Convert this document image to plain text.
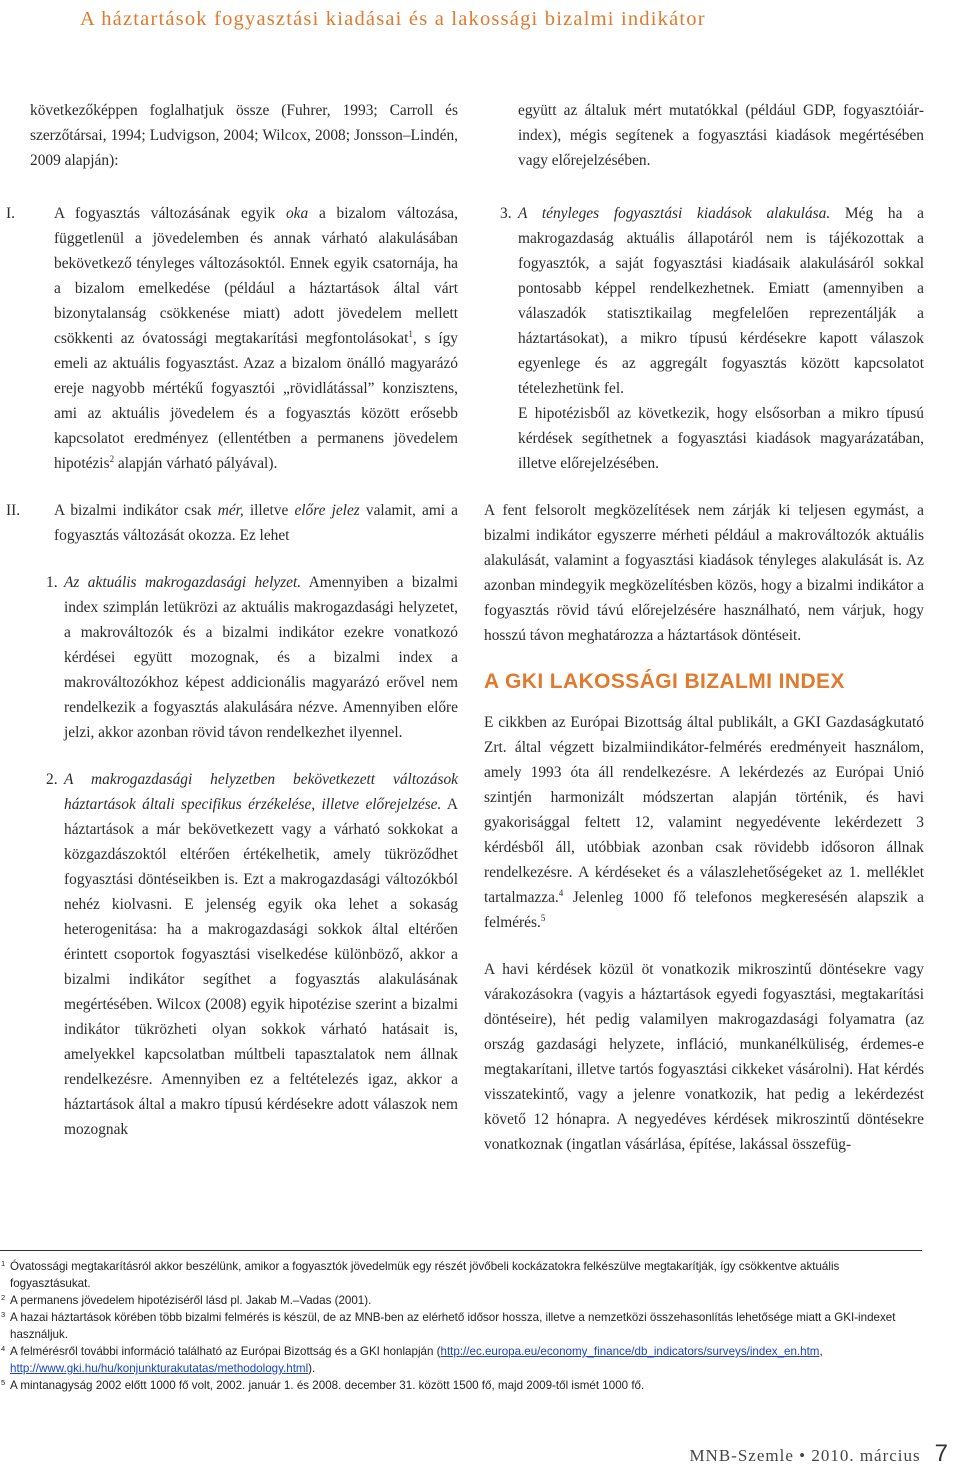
A háztartások fogyasztási kiadásai és a lakossági bizalmi indikátor

következőképpen foglalhatjuk össze (Fuhrer, 1993; Carroll és szerzőtársai, 1994; Ludvigson, 2004; Wilcox, 2008; Jonsson–Lindén, 2009 alapján):

I.	A fogyasztás változásának egyik oka a bizalom változása, függetlenül a jövedelemben és annak várható alakulásában bekövetkező tényleges változásoktól. Ennek egyik csatornája, ha a bizalom emelkedése (például a háztartások által várt bizonytalanság csökkenése miatt) adott jövedelem mellett csökkenti az óvatossági megtakarítási megfontolásokat$^1$, s így emeli az aktuális fogyasztást. Azaz a bizalom önálló magyarázó ereje nagyobb mértékű fogyasztói „rövidlátással” konzisztens, ami az aktuális jövedelem és a fogyasztás között erősebb kapcsolatot eredményez (ellentétben a permanens jövedelem hipotézis$^2$ alapján várható pályával).

II. A bizalmi indikátor csak mér, illetve előre jelez valamit, ami a fogyasztás változását okozza. Ez lehet

1. Az aktuális makrogazdasági helyzet. Amennyiben a bizalmi index szimplán letükrözi az aktuális makrogazdasági helyzetet, a makrováltozók és a bizalmi indikátor ezekre vonatkozó kérdései együtt mozognak, és a bizalmi index a makrováltozókhoz képest addicionális magyarázó erővel nem rendelkezik a fogyasztás alakulására nézve. Amennyiben előre jelzi, akkor azonban rövid távon rendelkezhet ilyennel.

2. A makrogazdasági helyzetben bekövetkezett változások háztartások általi specifikus érzékelése, illetve előrejelzése. A háztartások a már bekövetkezett vagy a várható sokkokat a közgazdászoktól eltérően értékelhetik, amely tükröződhet fogyasztási döntéseikben is. Ezt a makrogazdasági változókból nehéz kiolvasni. E jelenség egyik oka lehet a sokaság heterogenitása: ha a makrogazdasági sokkok által eltérően érintett csoportok fogyasztási viselkedése különböző, akkor a bizalmi indikátor segíthet a fogyasztás alakulásának megértésében. Wilcox (2008) egyik hipotézise szerint a bizalmi indikátor tükrözheti olyan sokkok várható hatásait is, amelyekkel kapcsolatban múltbeli tapasztalatok nem állnak rendelkezésre. Amennyiben ez a feltételezés igaz, akkor a háztartások által a makro típusú kérdésekre adott válaszok nem mozognak

együtt az általuk mért mutatókkal (például GDP, fogyasztóiár-index), mégis segítenek a fogyasztási kiadások megértésében vagy előrejelzésében.

3. A tényleges fogyasztási kiadások alakulása. Még ha a makrogazdaság aktuális állapotáról nem is tájékozottak a fogyasztók, a saját fogyasztási kiadásaik alakulásáról sokkal pontosabb képpel rendelkezhetnek. Emiatt (amennyiben a válaszadók statisztikailag megfelelően reprezentálják a háztartásokat), a mikro típusú kérdésekre kapott válaszok egyenlege és az aggregált fogyasztás között kapcsolatot tételezhetünk fel.

E hipotézisből az következik, hogy elsősorban a mikro típusú kérdések segíthetnek a fogyasztási kiadások magyarázatában, illetve előrejelzésében.

A fent felsorolt megközelítések nem zárják ki teljesen egymást, a bizalmi indikátor egyszerre mérheti például a makrováltozók aktuális alakulását, valamint a fogyasztási kiadások tényleges alakulását is. Az azonban mindegyik megközelítésben közös, hogy a bizalmi indikátor a fogyasztás rövid távú előrejelzésére használható, nem várjuk, hogy hosszú távon meghatározza a háztartások döntéseit.

A GKI LAKOSSÁGI BIZALMI INDEX

E cikkben az Európai Bizottság által publikált, a GKI Gazdaságkutató Zrt. által végzett bizalmiindikátor-felmérés eredményeit használom, amely 1993 óta áll rendelkezésre. A lekérdezés az Európai Unió szintjén harmonizált módszertan alapján történik, és havi gyakorisággal feltett 12, valamint negyedévente lekérdezett 3 kérdésből áll, utóbbiak azonban csak rövidebb idősoron állnak rendelkezésre. A kérdéseket és a válaszlehetőségeket az 1. melléklet tartalmazza.$^4$ Jelenleg 1000 fő telefonos megkeresésén alapszik a felmérés.$^5$

A havi kérdések közül öt vonatkozik mikroszintű döntésekre vagy várakozásokra (vagyis a háztartások egyedi fogyasztási, megtakarítási döntéseire), hét pedig valamilyen makrogazdasági folyamatra (az ország gazdasági helyzete, infláció, munkanélküliség, érdemes-e megtakarítani, illetve tartós fogyasztási cikkeket vásárolni). Hat kérdés visszatekintő, vagy a jelenre vonatkozik, hat pedig a lekérdezést követő 12 hónapra. A negyedéves kérdések mikroszintű döntésekre vonatkoznak (ingatlan vásárlása, építése, lakással összefüg-

1 Óvatossági megtakarításról akkor beszélünk, amikor a fogyasztók jövedelmük egy részét jövőbeli kockázatokra felkészülve megtakarítják, így csökkentve aktuális fogyasztásukat.
2 A permanens jövedelem hipotéziséről lásd pl. Jakab M.–Vadas (2001).
3 A hazai háztartások körében több bizalmi felmérés is készül, de az MNB-ben az elérhető idősor hossza, illetve a nemzetközi összehasonlítás lehetősége miatt a GKI-indexet használjuk.
4 A felmérésről további információ található az Európai Bizottság és a GKI honlapján (http://ec.europa.eu/economy_finance/db_indicators/surveys/index_en.htm, http://www.gki.hu/hu/konjunkturakutatas/methodology.html).
5 A mintanagyság 2002 előtt 1000 fő volt, 2002. január 1. és 2008. december 31. között 1500 fő, majd 2009-től ismét 1000 fő.
MNB-Szemle • 2010. március 7
